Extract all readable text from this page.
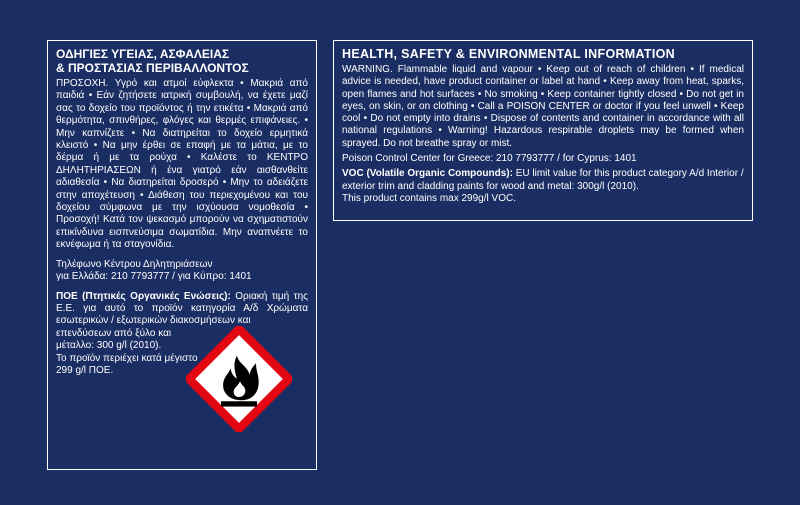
ΟΔΗΓΙΕΣ ΥΓΕΙΑΣ, ΑΣΦΑΛΕΙΑΣ
& ΠΡΟΣΤΑΣΙΑΣ ΠΕΡΙΒΑΛΛΟΝΤΟΣ

ΠΡΟΣΟΧΗ. Υγρό και ατμοί εύφλεκτα • Μακριά από παιδιά • Εάν ζητήσετε ιατρική συμβουλή, να έχετε μαζί σας το δοχείο του προϊόντος ή την ετικέτα • Μακριά από θερμότητα, σπινθήρες, φλόγες και θερμές επιφάνειες. • Μην καπνίζετε • Να διατηρείται το δοχείο ερμητικά κλειστό • Να μην έρθει σε επαφή με τα μάτια, με το δέρμα ή με τα ρούχα • Καλέστε το ΚΕΝΤΡΟ ΔΗΛΗΤΗΡΙΑΣΕΩΝ ή ένα γιατρό εάν αισθανθείτε αδιαθεσία • Να διατηρείται δροσερό • Μην το αδειάζετε στην αποχέτευση • Διάθεση του περιεχομένου και του δοχείου σύμφωνα με την ισχύουσα νομοθεσία • Προσοχή! Κατά τον ψεκασμό μπορούν να σχηματιστούν επικίνδυνα εισπνεύσιμα σωματίδια. Μην αναπνέετε το εκνέφωμα ή τα σταγονίδια.

Τηλέφωνο Κέντρου Δηλητηριάσεων
για Ελλάδα: 210 7793777 / για Κύπρο: 1401

ΠΟΕ (Πτητικές Οργανικές Ενώσεις): Οριακή τιμή της Ε.Ε. για αυτό το προϊόν κατηγορία Α/δ Χρώματα εσωτερικών / εξωτερικών διακοσμήσεων και
επενδύσεων από ξύλο και μέταλλο: 300 g/l (2010).
Το προϊόν περιέχει κατά μέγιστο 299 g/l ΠΟΕ.
HEALTH, SAFETY & ENVIRONMENTAL INFORMATION

WARNING. Flammable liquid and vapour • Keep out of reach of children • If medical advice is needed, have product container or label at hand • Keep away from heat, sparks, open flames and hot surfaces • No smoking • Keep container tightly closed • Do not get in eyes, on skin, or on clothing • Call a POISON CENTER or doctor if you feel unwell • Keep cool • Do not empty into drains • Dispose of contents and container in accordance with all national regulations • Warning! Hazardous respirable droplets may be formed when sprayed. Do not breathe spray or mist.

Poison Control Center for Greece: 210 7793777 / for Cyprus: 1401

VOC (Volatile Organic Compounds): EU limit value for this product category A/d Interior / exterior trim and cladding paints for wood and metal: 300g/l (2010).
This product contains max 299g/l VOC.
